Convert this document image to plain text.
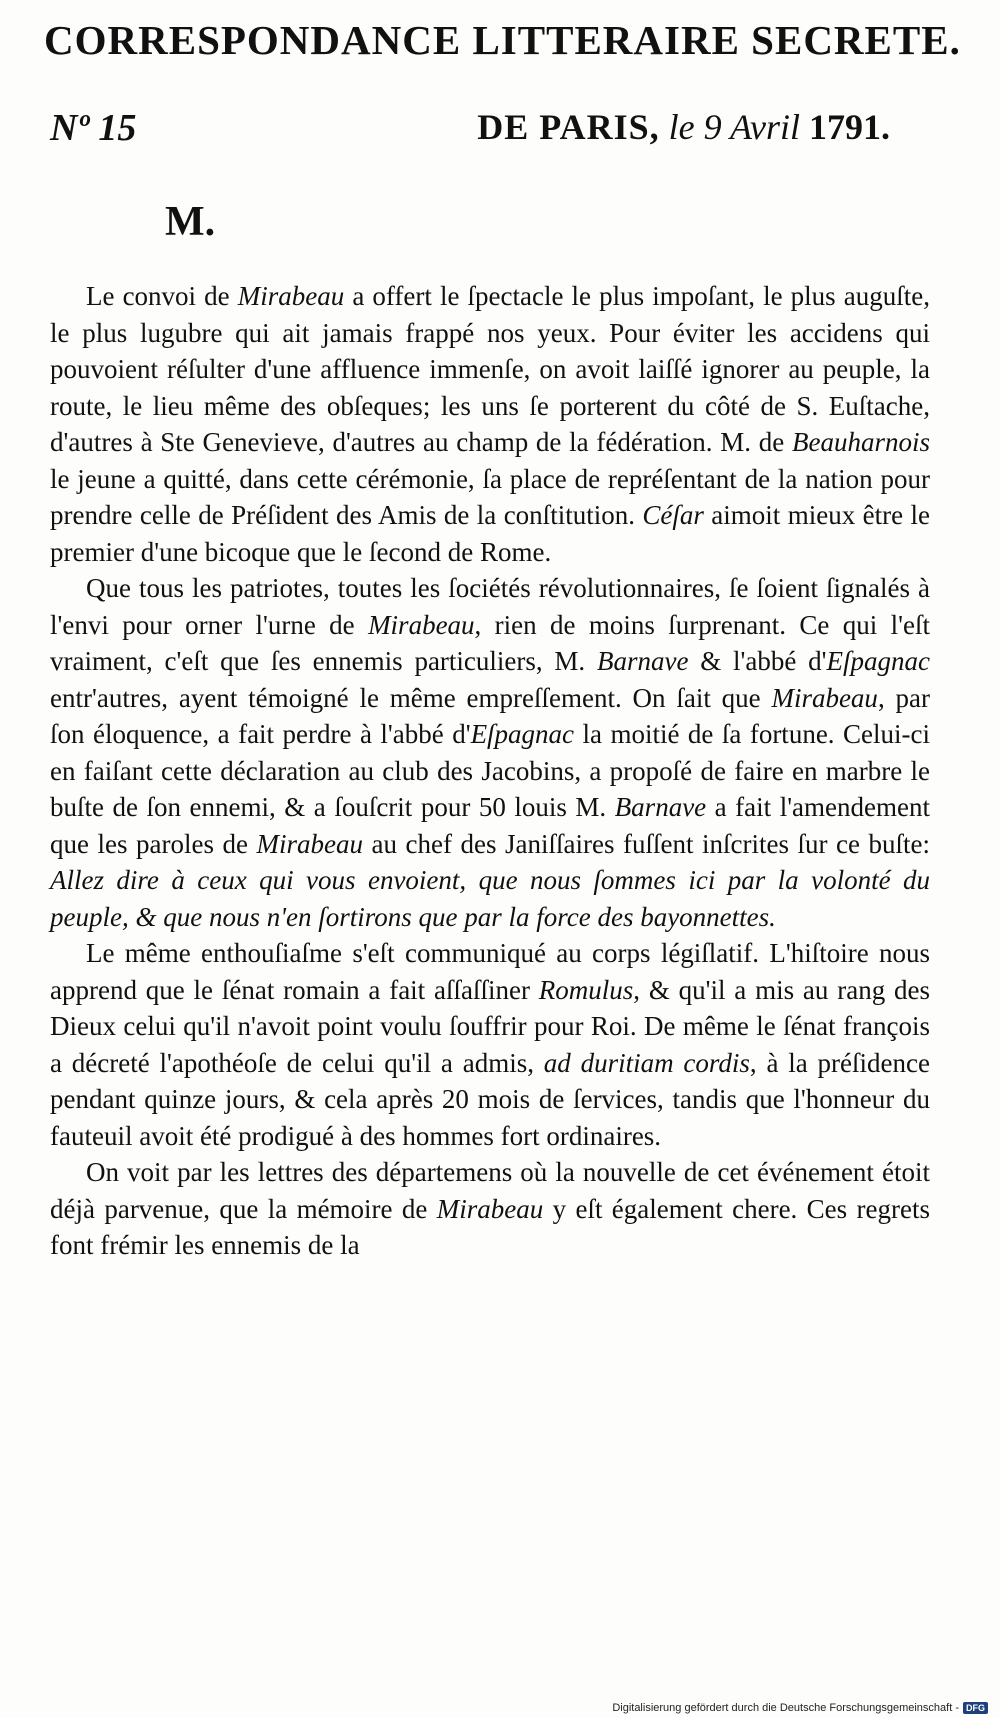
CORRESPONDANCE LITTERAIRE SECRETE.
Nº 15	DE PARIS, le 9 Avril 1791.
M.

Le convoi de Mirabeau a offert le ſpectacle le plus impoſant, le plus auguſte, le plus lugubre qui ait jamais frappé nos yeux. Pour éviter les accidens qui pouvoient réſulter d'une affluence immenſe, on avoit laiſſé ignorer au peuple, la route, le lieu même des obſeques; les uns ſe porterent du côté de S. Euſtache, d'autres à Ste Genevieve, d'autres au champ de la fédération. M. de Beauharnois le jeune a quitté, dans cette cérémonie, ſa place de repréſentant de la nation pour prendre celle de Préſident des Amis de la conſtitution. Céſar aimoit mieux être le premier d'une bicoque que le ſecond de Rome.

Que tous les patriotes, toutes les ſociétés révolutionnaires, ſe ſoient ſignalés à l'envi pour orner l'urne de Mirabeau, rien de moins ſurprenant. Ce qui l'eſt vraiment, c'eſt que ſes ennemis particuliers, M. Barnave & l'abbé d'Eſpagnac entr'autres, ayent témoigné le même empreſſement. On ſait que Mirabeau, par ſon éloquence, a fait perdre à l'abbé d'Eſpagnac la moitié de ſa fortune. Celui-ci en faiſant cette déclaration au club des Jacobins, a propoſé de faire en marbre le buſte de ſon ennemi, & a ſouſcrit pour 50 louis M. Barnave a fait l'amendement que les paroles de Mirabeau au chef des Janiſſaires fuſſent inſcrites ſur ce buſte: Allez dire à ceux qui vous envoient, que nous ſommes ici par la volonté du peuple, & que nous n'en ſortirons que par la force des bayonnettes.

Le même enthouſiaſme s'eſt communiqué au corps légiſlatif. L'hiſtoire nous apprend que le ſénat romain a fait aſſaſſiner Romulus, & qu'il a mis au rang des Dieux celui qu'il n'avoit point voulu ſouffrir pour Roi. De même le ſénat françois a décreté l'apothéoſe de celui qu'il a admis, ad duritiam cordis, à la préſidence pendant quinze jours, & cela après 20 mois de ſervices, tandis que l'honneur du fauteuil avoit été prodigué à des hommes fort ordinaires.

On voit par les lettres des départemens où la nouvelle de cet événement étoit déjà parvenue, que la mémoire de Mirabeau y eſt également chere. Ces regrets font frémir les ennemis de la

Digitalisierung gefördert durch die Deutsche Forschungsgemeinschaft - DFG
